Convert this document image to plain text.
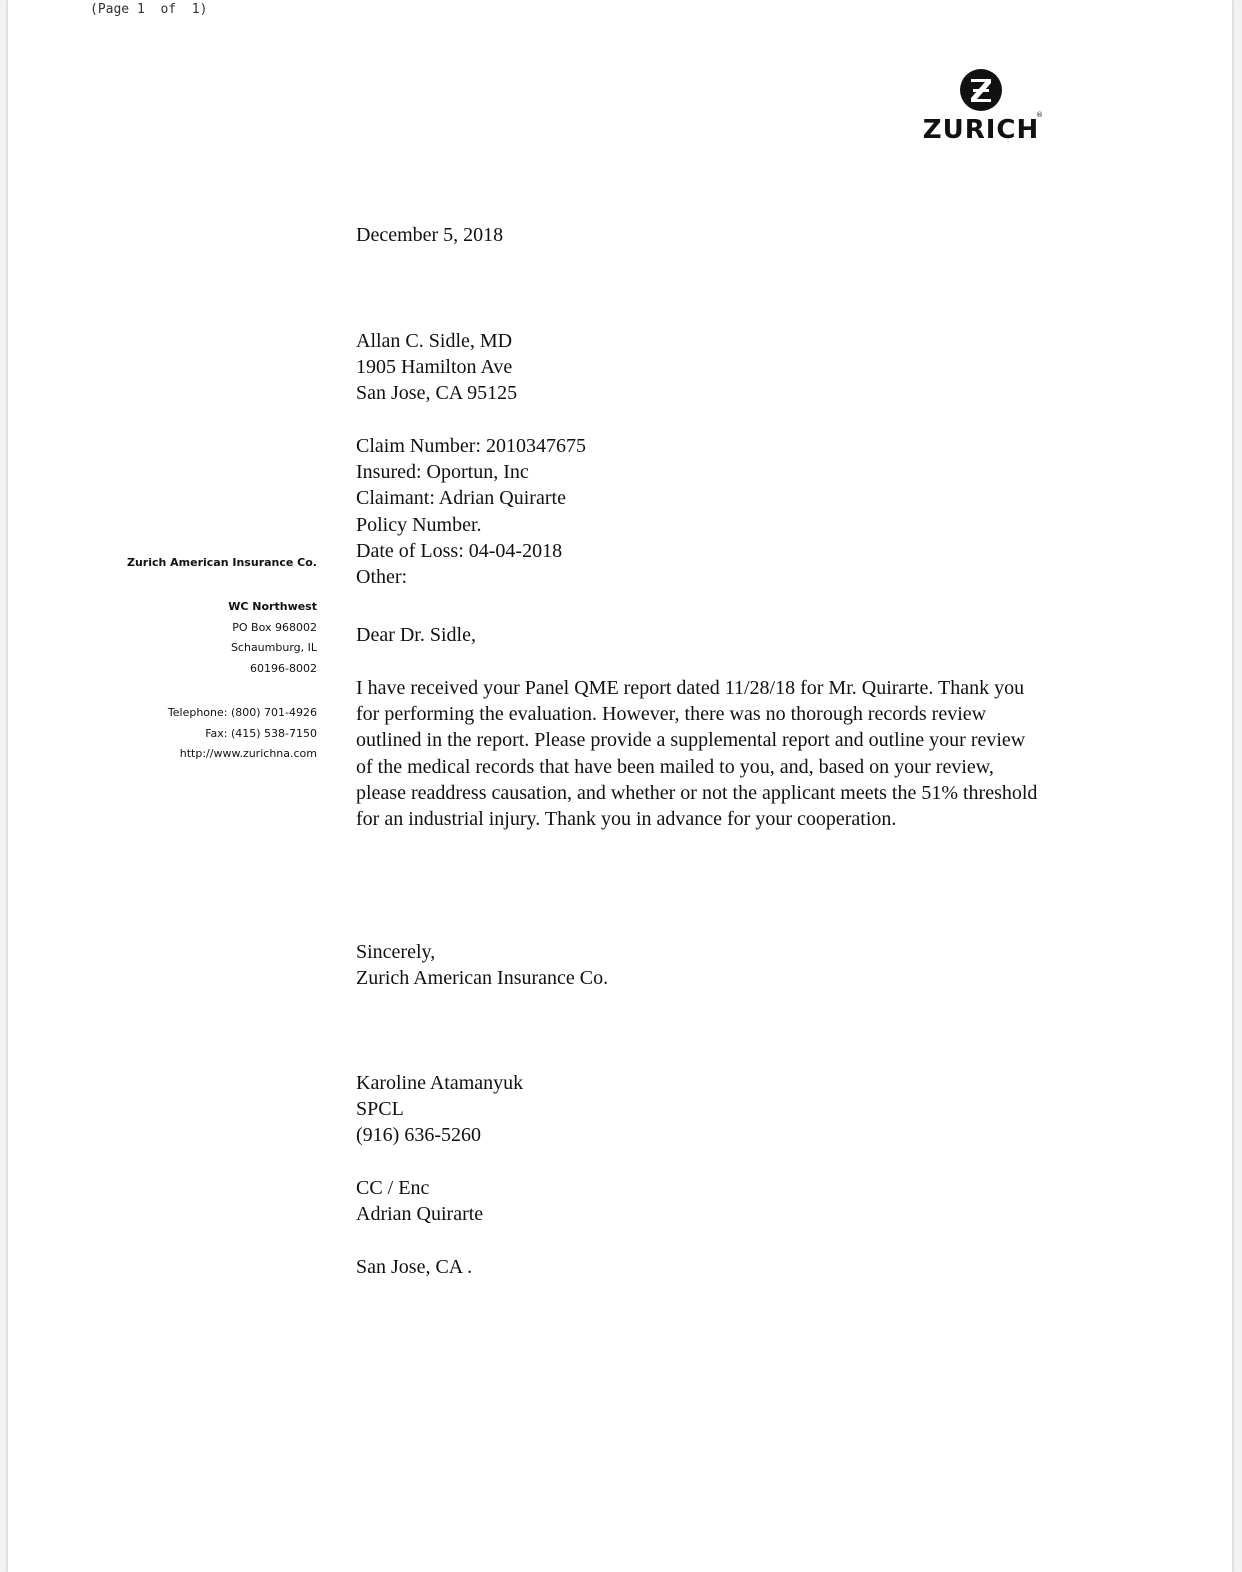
(Page 1  of  1)
ZURICH
®
Zurich American Insurance Co.
WC Northwest
PO Box 968002
Schaumburg, IL
60196-8002
Telephone: (800) 701-4926
Fax: (415) 538-7150
http://www.zurichna.com
December 5, 2018
Allan C. Sidle, MD
1905 Hamilton Ave
San Jose, CA 95125
Claim Number: 2010347675
Insured: Oportun, Inc
Claimant: Adrian Quirarte
Policy Number.
Date of Loss: 04-04-2018
Other:
Dear Dr. Sidle,

I have received your Panel QME report dated 11/28/18 for Mr. Quirarte. Thank you for performing the evaluation. However, there was no thorough records review outlined in the report. Please provide a supplemental report and outline your review of the medical records that have been mailed to you, and, based on your review, please readdress causation, and whether or not the applicant meets the 51% threshold for an industrial injury. Thank you in advance for your cooperation.

Sincerely,
Zurich American Insurance Co.
Karoline Atamanyuk
SPCL
(916) 636-5260
CC / Enc
Adrian Quirarte
San Jose, CA .
